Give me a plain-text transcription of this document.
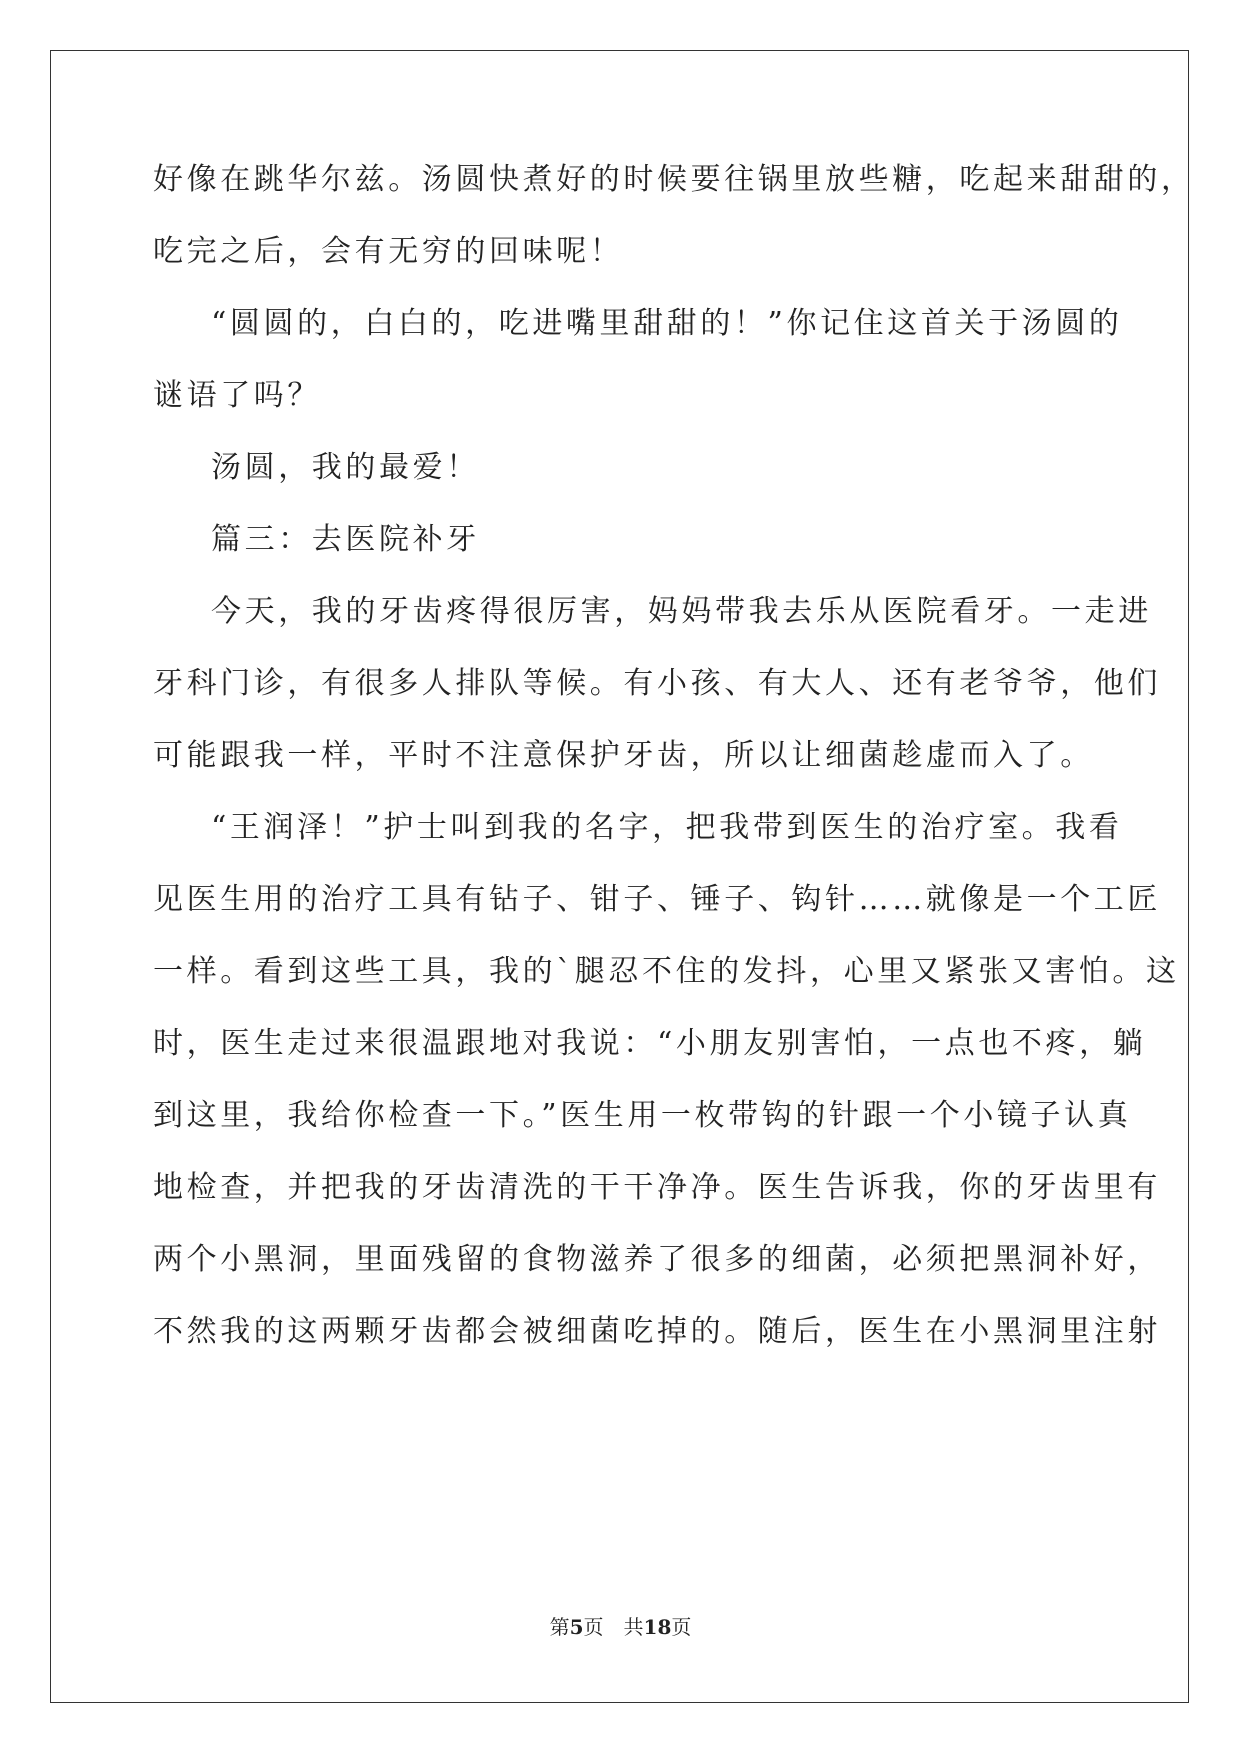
好像在跳华尔兹。汤圆快煮好的时候要往锅里放些糖，吃起来甜甜的，
吃完之后，会有无穷的回味呢！
“圆圆的，白白的，吃进嘴里甜甜的！”你记住这首关于汤圆的
谜语了吗？
汤圆，我的最爱！
篇三：去医院补牙
今天，我的牙齿疼得很厉害，妈妈带我去乐从医院看牙。一走进
牙科门诊，有很多人排队等候。有小孩、有大人、还有老爷爷，他们
可能跟我一样，平时不注意保护牙齿，所以让细菌趁虚而入了。
“王润泽！”护士叫到我的名字，把我带到医生的治疗室。我看
见医生用的治疗工具有钻子、钳子、锤子、钩针……就像是一个工匠
一样。看到这些工具，我的`腿忍不住的发抖，心里又紧张又害怕。这
时，医生走过来很温跟地对我说：“小朋友别害怕，一点也不疼，躺
到这里，我给你检查一下。”医生用一枚带钩的针跟一个小镜子认真
地检查，并把我的牙齿清洗的干干净净。医生告诉我，你的牙齿里有
两个小黑洞，里面残留的食物滋养了很多的细菌，必须把黑洞补好，
不然我的这两颗牙齿都会被细菌吃掉的。随后，医生在小黑洞里注射
第5页　共18页
